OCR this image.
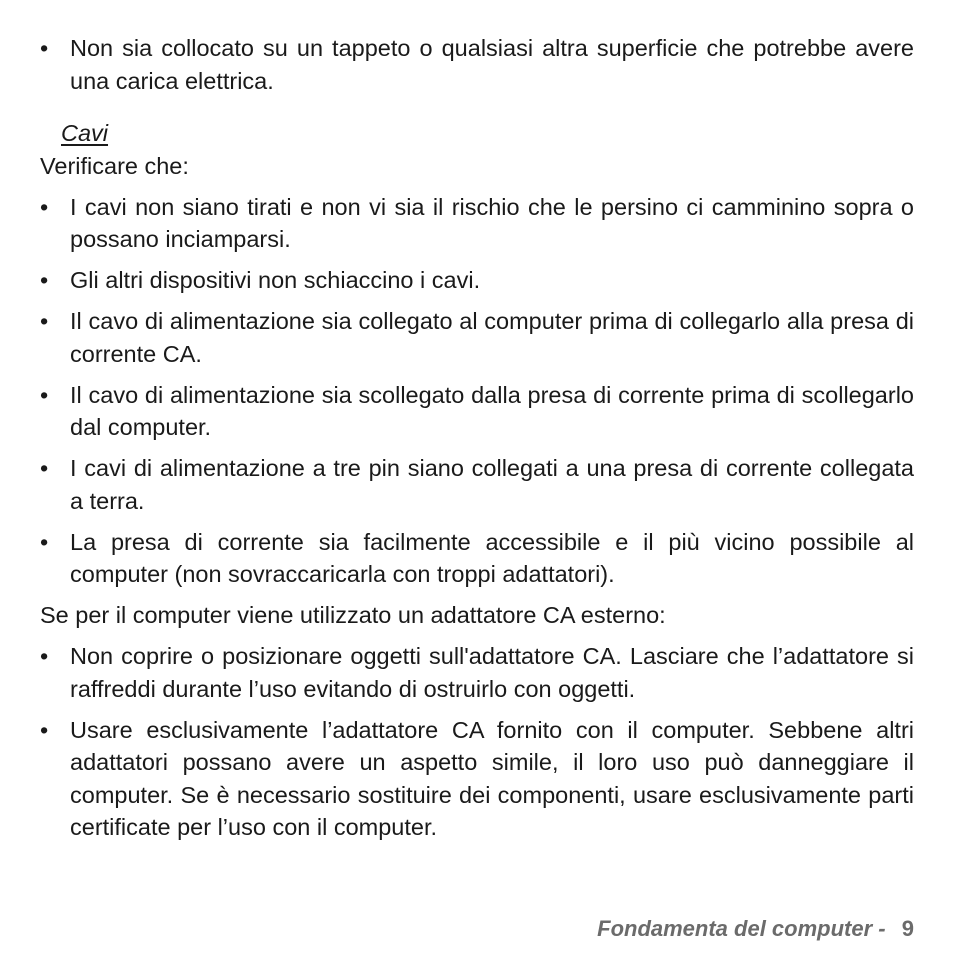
• Non sia collocato su un tappeto o qualsiasi altra superficie che potrebbe avere una carica elettrica.
Cavi

Verificare che:

• I cavi non siano tirati e non vi sia il rischio che le persino ci camminino sopra o possano inciamparsi.
• Gli altri dispositivi non schiaccino i cavi.
• Il cavo di alimentazione sia collegato al computer prima di collegarlo alla presa di corrente CA.
• Il cavo di alimentazione sia scollegato dalla presa di corrente prima di scollegarlo dal computer.
• I cavi di alimentazione a tre pin siano collegati a una presa di corrente collegata a terra.
• La presa di corrente sia facilmente accessibile e il più vicino possibile al computer (non sovraccaricarla con troppi adattatori).

Se per il computer viene utilizzato un adattatore CA esterno:

• Non coprire o posizionare oggetti sull'adattatore CA. Lasciare che l’adattatore si raffreddi durante l’uso evitando di ostruirlo con oggetti.
• Usare esclusivamente l’adattatore CA fornito con il computer. Sebbene altri adattatori possano avere un aspetto simile, il loro uso può danneggiare il computer. Se è necessario sostituire dei componenti, usare esclusivamente parti certificate per l’uso con il computer.
Fondamenta del computer - 9
